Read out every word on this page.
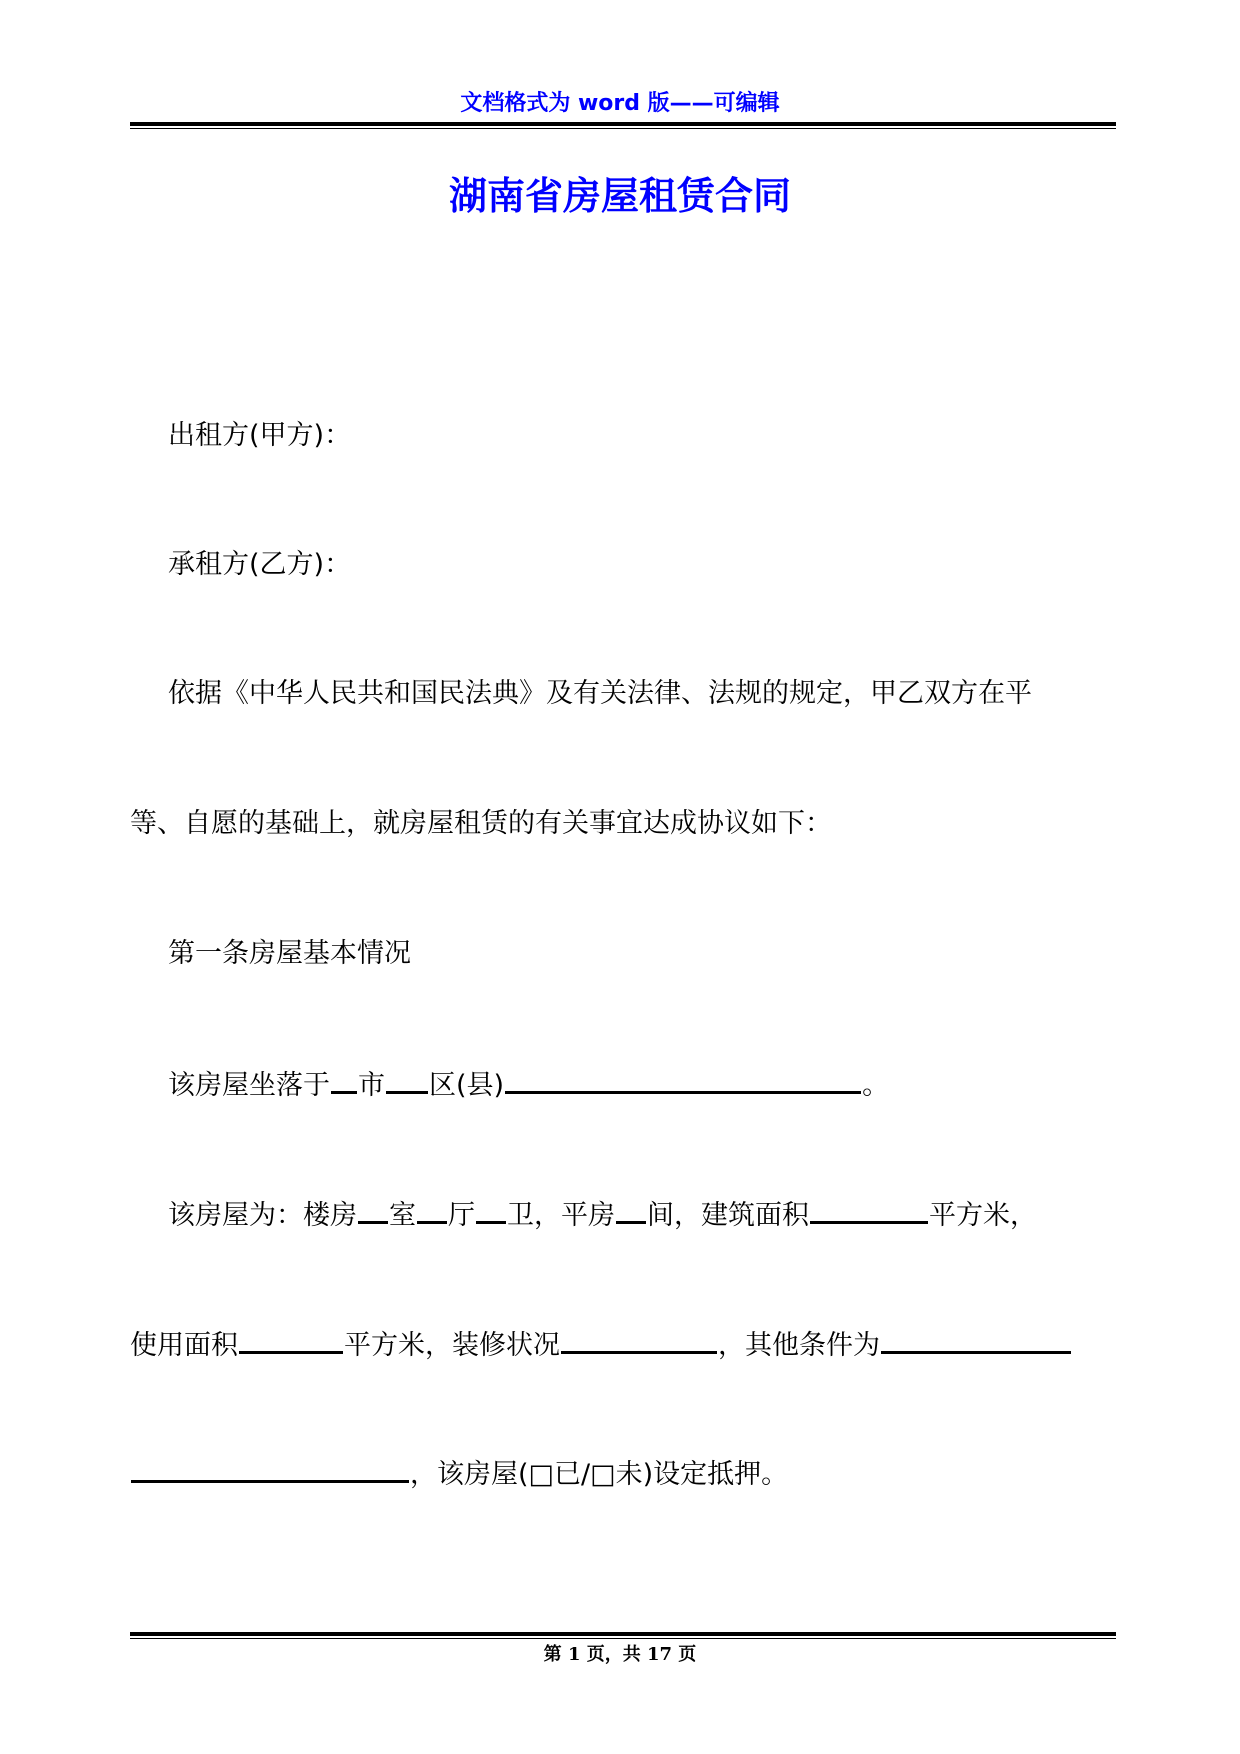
文档格式为 word 版——可编辑
湖南省房屋租赁合同
出租方(甲方)：
承租方(乙方)：
依据《中华人民共和国民法典》及有关法律、法规的规定，甲乙双方在平
等、自愿的基础上，就房屋租赁的有关事宜达成协议如下：
第一条房屋基本情况
该房屋坐落于 市 区(县)	。
该房屋为：楼房 室 厅 卫，平房 间，建筑面积	平方米，
使用面积	平方米，装修状况	，其他条件为
，该房屋(□已/□未)设定抵押。
第 1 页，共 17 页
